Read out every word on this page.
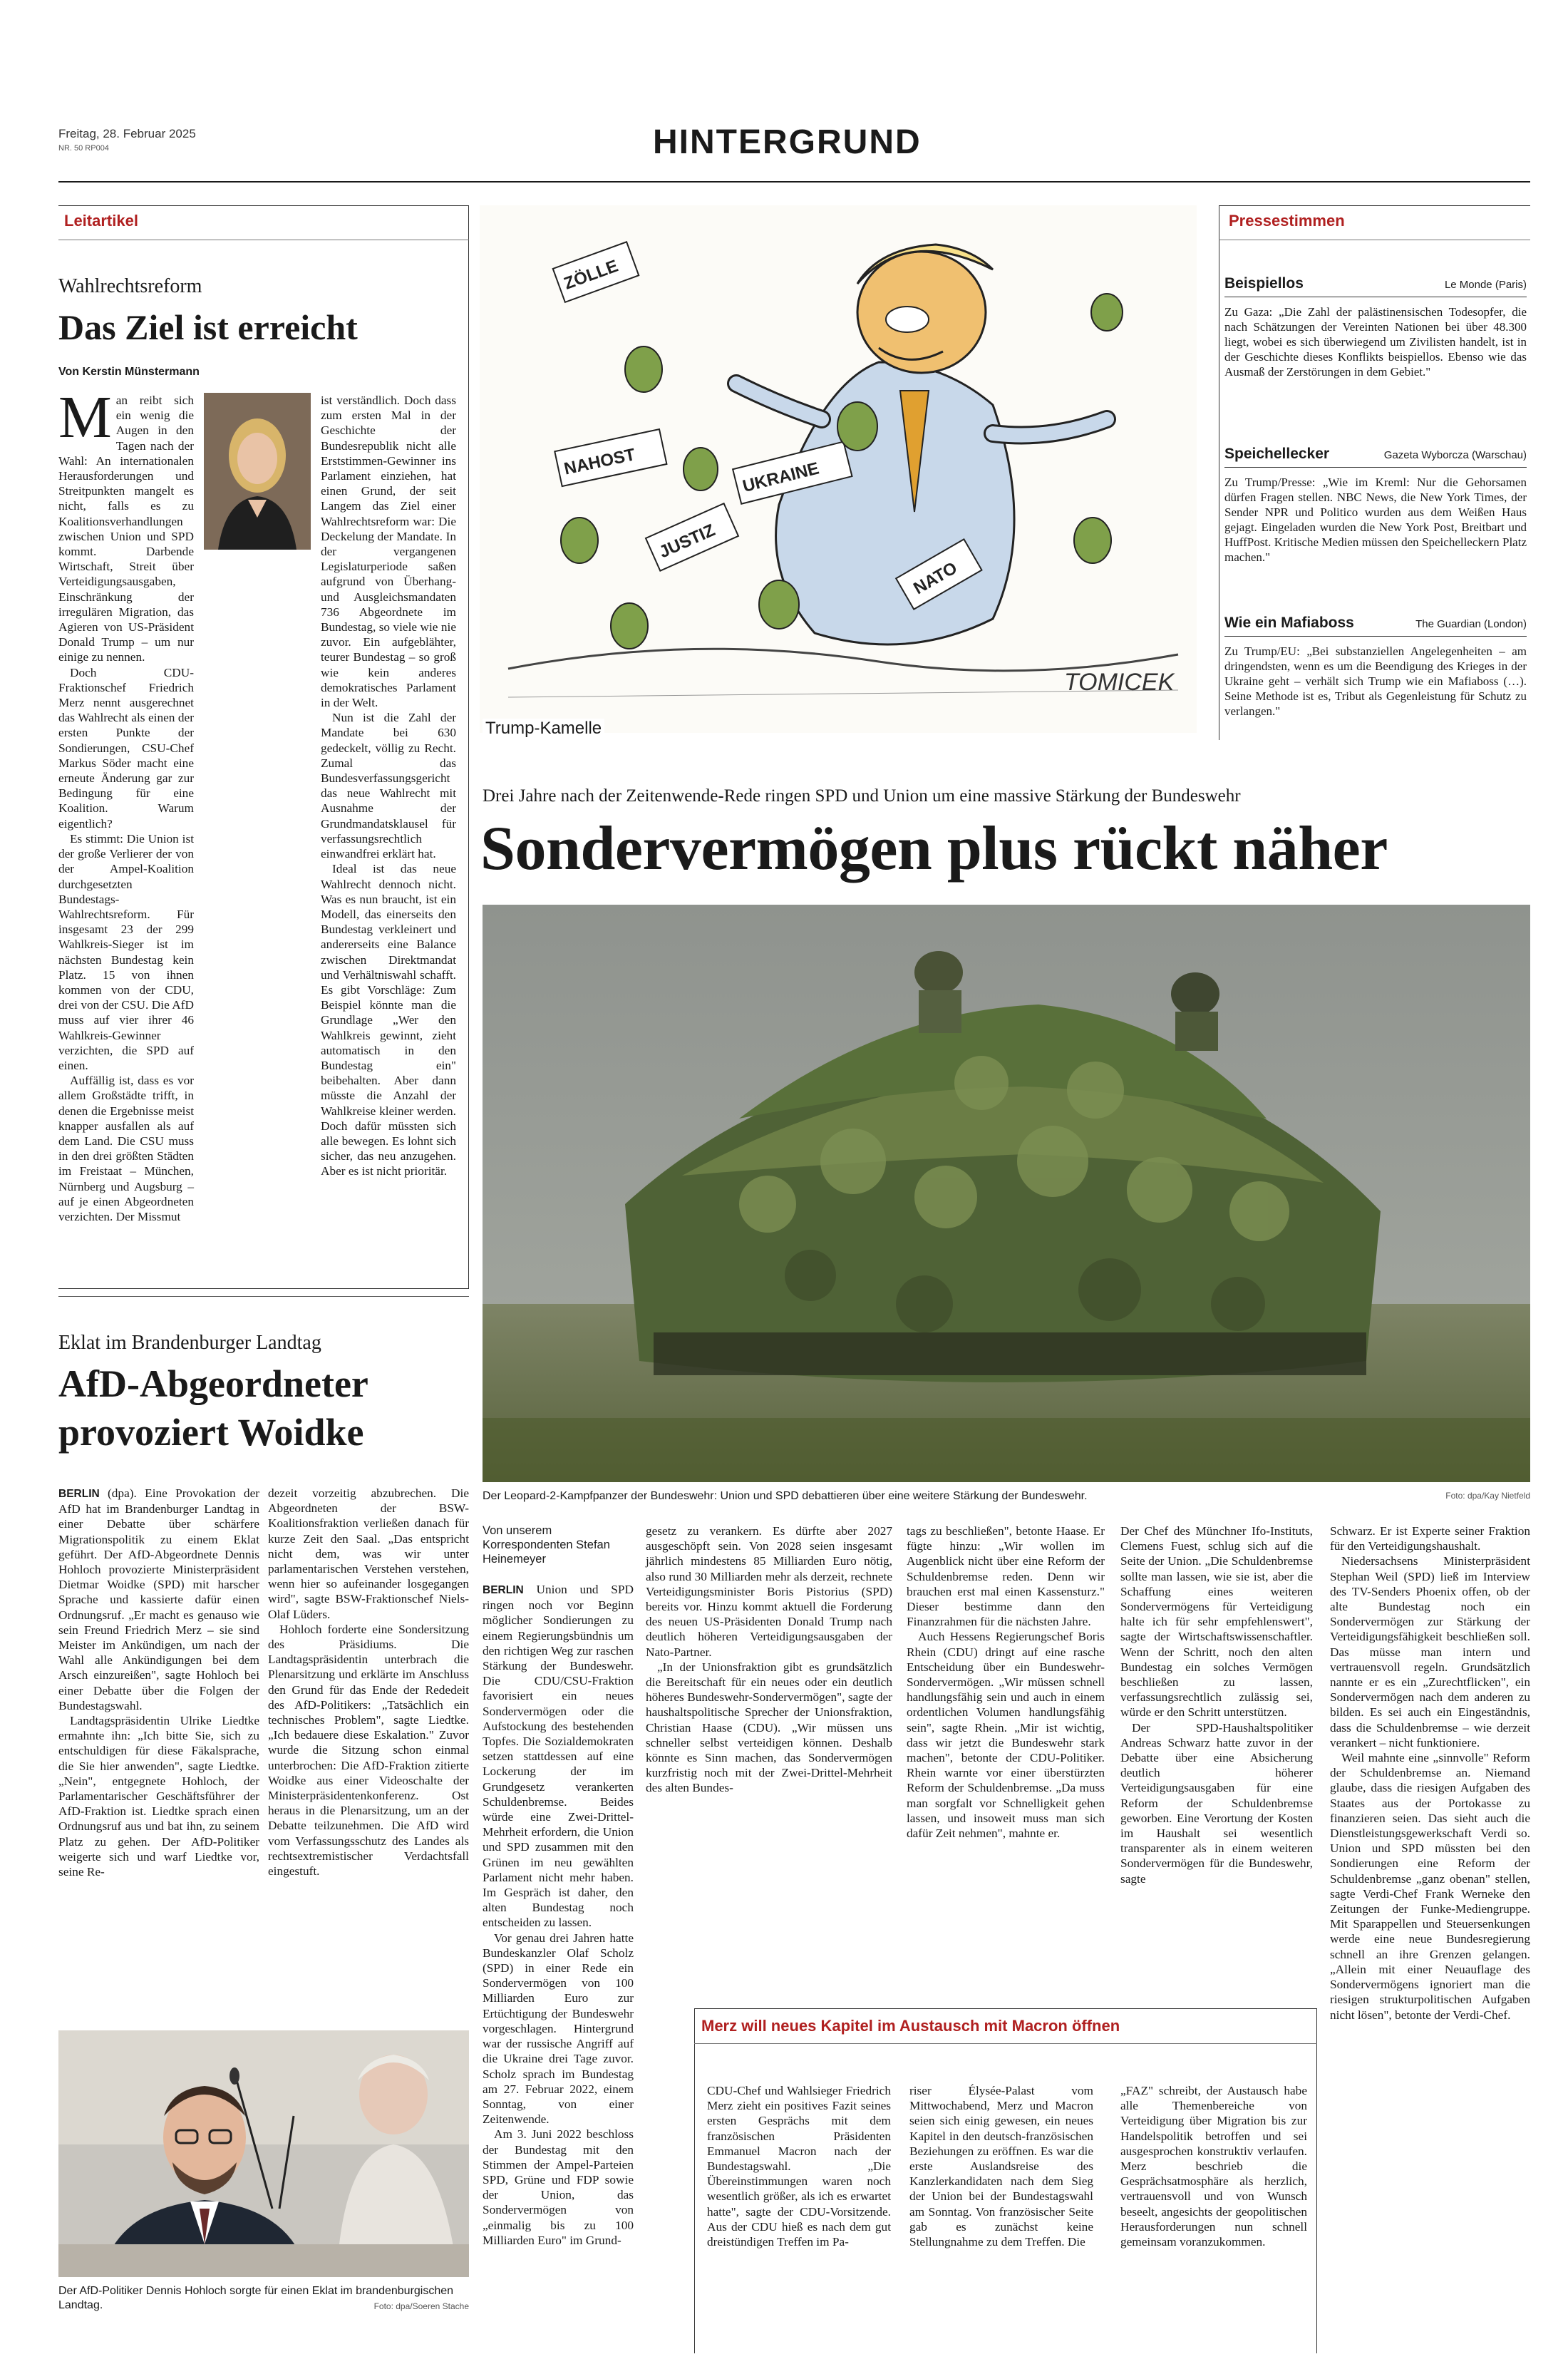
Freitag, 28. Februar 2025
NR. 50 RP004	HINTERGRUND
Leitartikel
Wahlrechtsreform
Das Ziel ist erreicht
Von Kerstin Münstermann
M an reibt sich ein wenig die Augen in den Tagen nach der Wahl: An internationalen Herausforderungen und Streitpunkten mangelt es nicht, falls es zu Koalitionsverhandlungen zwischen Union und SPD kommt. Darbende Wirtschaft, Streit über Verteidigungsausgaben, Einschränkung der irregulären Migration, das Agieren von US-Präsident Donald Trump – um nur einige zu nennen.

Doch CDU-Fraktionschef Friedrich Merz nennt ausgerechnet das Wahlrecht als einen der ersten Punkte der Sondierungen, CSU-Chef Markus Söder macht eine erneute Änderung gar zur Bedingung für eine Koalition. Warum eigentlich?

Es stimmt: Die Union ist der große Verlierer der von der Ampel-Koalition durchgesetzten Bundestags-Wahlrechtsreform. Für insgesamt 23 der 299 Wahlkreis-Sieger ist im nächsten Bundestag kein Platz. 15 von ihnen kommen von der CDU, drei von der CSU. Die AfD muss auf vier ihrer 46 Wahlkreis-Gewinner verzichten, die SPD auf einen.

Auffällig ist, dass es vor allem Großstädte trifft, in denen die Ergebnisse meist knapper ausfallen als auf dem Land. Die CSU muss in den drei größten Städten im Freistaat – München, Nürnberg und Augsburg – auf je einen Abgeordneten verzichten. Der Missmut

ist verständlich. Doch dass zum ersten Mal in der Geschichte der Bundesrepublik nicht alle Erststimmen-Gewinner ins Parlament einziehen, hat einen Grund, der seit Langem das Ziel einer Wahlrechtsreform war: Die Deckelung der Mandate. In der vergangenen Legislaturperiode saßen aufgrund von Überhang- und Ausgleichsmandaten 736 Abgeordnete im Bundestag, so viele wie nie zuvor. Ein aufgeblähter, teurer Bundestag – so groß wie kein anderes demokratisches Parlament in der Welt.

Nun ist die Zahl der Mandate bei 630 gedeckelt, völlig zu Recht. Zumal das Bundesverfassungsgericht das neue Wahlrecht mit Ausnahme der Grundmandatsklausel für verfassungsrechtlich einwandfrei erklärt hat.

Ideal ist das neue Wahlrecht dennoch nicht. Was es nun braucht, ist ein Modell, das einerseits den Bundestag verkleinert und andererseits eine Balance zwischen Direktmandat und Verhältniswahl schafft. Es gibt Vorschläge: Zum Beispiel könnte man die Grundlage „Wer den Wahlkreis gewinnt, zieht automatisch in den Bundestag ein" beibehalten. Aber dann müsste die Anzahl der Wahlkreise kleiner werden. Doch dafür müssten sich alle bewegen. Es lohnt sich sicher, das neu anzugehen. Aber es ist nicht prioritär.

ZÖLLE
NAHOST	UKRAINE
JUSTIZ
NATO
TOMICEK
Trump-Kamelle
Pressestimmen
Beispiellos	Le Monde (Paris)

Zu Gaza: „Die Zahl der palästinensischen Todesopfer, die nach Schätzungen der Vereinten Nationen bei über 48.300 liegt, wobei es sich überwiegend um Zivilisten handelt, ist in der Geschichte dieses Konflikts beispiellos. Ebenso wie das Ausmaß der Zerstörungen in dem Gebiet."

Speichellecker	Gazeta Wyborcza (Warschau)

Zu Trump/Presse: „Wie im Kreml: Nur die Gehorsamen dürfen Fragen stellen. NBC News, die New York Times, der Sender NPR und Politico wurden aus dem Weißen Haus gejagt. Eingeladen wurden die New York Post, Breitbart und HuffPost. Kritische Medien müssen den Speichelleckern Platz machen."

Wie ein Mafiaboss	The Guardian (London)

Zu Trump/EU: „Bei substanziellen Angelegenheiten – am dringendsten, wenn es um die Beendigung des Krieges in der Ukraine geht – verhält sich Trump wie ein Mafiaboss (…). Seine Methode ist es, Tribut als Gegenleistung für Schutz zu verlangen."

Drei Jahre nach der Zeitenwende-Rede ringen SPD und Union um eine massive Stärkung der Bundeswehr
Sondervermögen plus rückt näher
Der Leopard-2-Kampfpanzer der Bundeswehr: Union und SPD debattieren über eine weitere Stärkung der Bundeswehr.	Foto: dpa/Kay Nietfeld

Von unserem Korrespondenten Stefan Heinemeyer

BERLIN Union und SPD ringen noch vor Beginn möglicher Sondierungen zu einem Regierungsbündnis um den richtigen Weg zur raschen Stärkung der Bundeswehr. Die CDU/CSU-Fraktion favorisiert ein neues Sondervermögen oder die Aufstockung des bestehenden Topfes. Die Sozialdemokraten setzen stattdessen auf eine Lockerung der im Grundgesetz verankerten Schuldenbremse. Beides würde eine Zwei-Drittel-Mehrheit erfordern, die Union und SPD zusammen mit den Grünen im neu gewählten Parlament nicht mehr haben. Im Gespräch ist daher, den alten Bundestag noch entscheiden zu lassen.

Vor genau drei Jahren hatte Bundeskanzler Olaf Scholz (SPD) in einer Rede ein Sondervermögen von 100 Milliarden Euro zur Ertüchtigung der Bundeswehr vorgeschlagen. Hintergrund war der russische Angriff auf die Ukraine drei Tage zuvor. Scholz sprach im Bundestag am 27. Februar 2022, einem Sonntag, von einer Zeitenwende.

Am 3. Juni 2022 beschloss der Bundestag mit den Stimmen der Ampel-Parteien SPD, Grüne und FDP sowie der Union, das Sondervermögen von „einmalig bis zu 100 Milliarden Euro" im Grund-

gesetz zu verankern. Es dürfte aber 2027 ausgeschöpft sein. Von 2028 seien insgesamt jährlich mindestens 85 Milliarden Euro nötig, also rund 30 Milliarden mehr als derzeit, rechnete Verteidigungsminister Boris Pistorius (SPD) bereits vor. Hinzu kommt aktuell die Forderung des neuen US-Präsidenten Donald Trump nach deutlich höheren Verteidigungsausgaben der Nato-Partner.

„In der Unionsfraktion gibt es grundsätzlich die Bereitschaft für ein neues oder ein deutlich höheres Bundeswehr-Sondervermögen", sagte der haushaltspolitische Sprecher der Unionsfraktion, Christian Haase (CDU). „Wir müssen uns schneller selbst verteidigen können. Deshalb könnte es Sinn machen, das Sondervermögen kurzfristig noch mit der Zwei-Drittel-Mehrheit des alten Bundes-

tags zu beschließen", betonte Haase. Er fügte hinzu: „Wir wollen im Augenblick nicht über eine Reform der Schuldenbremse reden. Denn wir brauchen erst mal einen Kassensturz." Dieser bestimme dann den Finanzrahmen für die nächsten Jahre.

Auch Hessens Regierungschef Boris Rhein (CDU) dringt auf eine rasche Entscheidung über ein Bundeswehr-Sondervermögen. „Wir müssen schnell handlungsfähig sein und auch in einem ordentlichen Volumen handlungsfähig sein", sagte Rhein. „Mir ist wichtig, dass wir jetzt die Bundeswehr stark machen", betonte der CDU-Politiker. Rhein warnte vor einer überstürzten Reform der Schuldenbremse. „Da muss man sorgfalt vor Schnelligkeit gehen lassen, und insoweit muss man sich dafür Zeit nehmen", mahnte er.

Der Chef des Münchner Ifo-Instituts, Clemens Fuest, schlug sich auf die Seite der Union. „Die Schuldenbremse sollte man lassen, wie sie ist, aber die Schaffung eines weiteren Sondervermögens für Verteidigung halte ich für sehr empfehlenswert", sagte der Wirtschaftswissenschaftler. Wenn der Schritt, noch den alten Bundestag ein solches Vermögen beschließen zu lassen, verfassungsrechtlich zulässig sei, würde er den Schritt unterstützen.

Der SPD-Haushaltspolitiker Andreas Schwarz hatte zuvor in der Debatte über eine Absicherung deutlich höherer Verteidigungsausgaben für eine Reform der Schuldenbremse geworben. Eine Verortung der Kosten im Haushalt sei wesentlich transparenter als in einem weiteren Sondervermögen für die Bundeswehr, sagte

Schwarz. Er ist Experte seiner Fraktion für den Verteidigungshaushalt.

Niedersachsens Ministerpräsident Stephan Weil (SPD) ließ im Interview des TV-Senders Phoenix offen, ob der alte Bundestag noch ein Sondervermögen zur Stärkung der Verteidigungsfähigkeit beschließen soll. Das müsse man intern und vertrauensvoll regeln. Grundsätzlich nannte er es ein „Zurechtflicken", ein Sondervermögen nach dem anderen zu bilden. Es sei auch ein Eingeständnis, dass die Schuldenbremse – wie derzeit verankert – nicht funktioniere.

Weil mahnte eine „sinnvolle" Reform der Schuldenbremse an. Niemand glaube, dass die riesigen Aufgaben des Staates aus der Portokasse zu finanzieren seien. Das sieht auch die Dienstleistungsgewerkschaft Verdi so. Union und SPD müssten bei den Sondierungen eine Reform der Schuldenbremse „ganz obenan" stellen, sagte Verdi-Chef Frank Werneke den Zeitungen der Funke-Mediengruppe. Mit Sparappellen und Steuersenkungen werde eine neue Bundesregierung schnell an ihre Grenzen gelangen. „Allein mit einer Neuauflage des Sondervermögens ignoriert man die riesigen strukturpolitischen Aufgaben nicht lösen", betonte der Verdi-Chef.

Merz will neues Kapitel im Austausch mit Macron öffnen

CDU-Chef und Wahlsieger Friedrich Merz zieht ein positives Fazit seines ersten Gesprächs mit dem französischen Präsidenten Emmanuel Macron nach der Bundestagswahl. „Die Übereinstimmungen waren noch wesentlich größer, als ich es erwartet hatte", sagte der CDU-Vorsitzende. Aus der CDU hieß es nach dem gut dreistündigen Treffen im Pa-

riser Élysée-Palast vom Mittwochabend, Merz und Macron seien sich einig gewesen, ein neues Kapitel in den deutsch-französischen Beziehungen zu eröffnen. Es war die erste Auslandsreise des Kanzlerkandidaten nach dem Sieg der Union bei der Bundestagswahl am Sonntag. Von französischer Seite gab es zunächst keine Stellungnahme zu dem Treffen. Die

„FAZ" schreibt, der Austausch habe alle Themenbereiche von Verteidigung über Migration bis zur Handelspolitik betroffen und sei ausgesprochen konstruktiv verlaufen. Merz beschrieb die Gesprächsatmosphäre als herzlich, vertrauensvoll und von Wunsch beseelt, angesichts der geopolitischen Herausforderungen nun schnell gemeinsam voranzukommen.

Eklat im Brandenburger Landtag
AfD-Abgeordneter
provoziert Woidke

BERLIN (dpa). Eine Provokation der AfD hat im Brandenburger Landtag in einer Debatte über schärfere Migrationspolitik zu einem Eklat geführt. Der AfD-Abgeordnete Dennis Hohloch provozierte Ministerpräsident Dietmar Woidke (SPD) mit harscher Sprache und kassierte dafür einen Ordnungsruf. „Er macht es genauso wie sein Freund Friedrich Merz – sie sind Meister im Ankündigen, um nach der Wahl alle Ankündigungen bei dem Arsch einzureißen", sagte Hohloch bei einer Debatte über die Folgen der Bundestagswahl.

Landtagspräsidentin Ulrike Liedtke ermahnte ihn: „Ich bitte Sie, sich zu entschuldigen für diese Fäkalsprache, die Sie hier anwenden", sagte Liedtke. „Nein", entgegnete Hohloch, der Parlamentarischer Geschäftsführer der AfD-Fraktion ist. Liedtke sprach einen Ordnungsruf aus und bat ihn, zu seinem Platz zu gehen. Der AfD-Politiker weigerte sich und warf Liedtke vor, seine Re-

dezeit vorzeitig abzubrechen. Die Abgeordneten der BSW-Koalitionsfraktion verließen danach für kurze Zeit den Saal. „Das entspricht nicht dem, was wir unter parlamentarischen Verstehen verstehen, wenn hier so aufeinander losgegangen wird", sagte BSW-Fraktionschef Niels-Olaf Lüders.

Hohloch forderte eine Sondersitzung des Präsidiums. Die Landtagspräsidentin unterbrach die Plenarsitzung und erklärte im Anschluss den Grund für das Ende der Rededeit des AfD-Politikers: „Tatsächlich ein technisches Problem", sagte Liedtke. „Ich bedauere diese Eskalation." Zuvor wurde die Sitzung schon einmal unterbrochen: Die AfD-Fraktion zitierte Woidke aus einer Videoschalte der Ministerpräsidentenkonferenz. Ost heraus in die Plenarsitzung, um an der Debatte teilzunehmen. Die AfD wird vom Verfassungsschutz des Landes als rechtsextremistischer Verdachtsfall eingestuft.

Der AfD-Politiker Dennis Hohloch sorgte für einen Eklat im brandenburgischen Landtag.	Foto: dpa/Soeren Stache
